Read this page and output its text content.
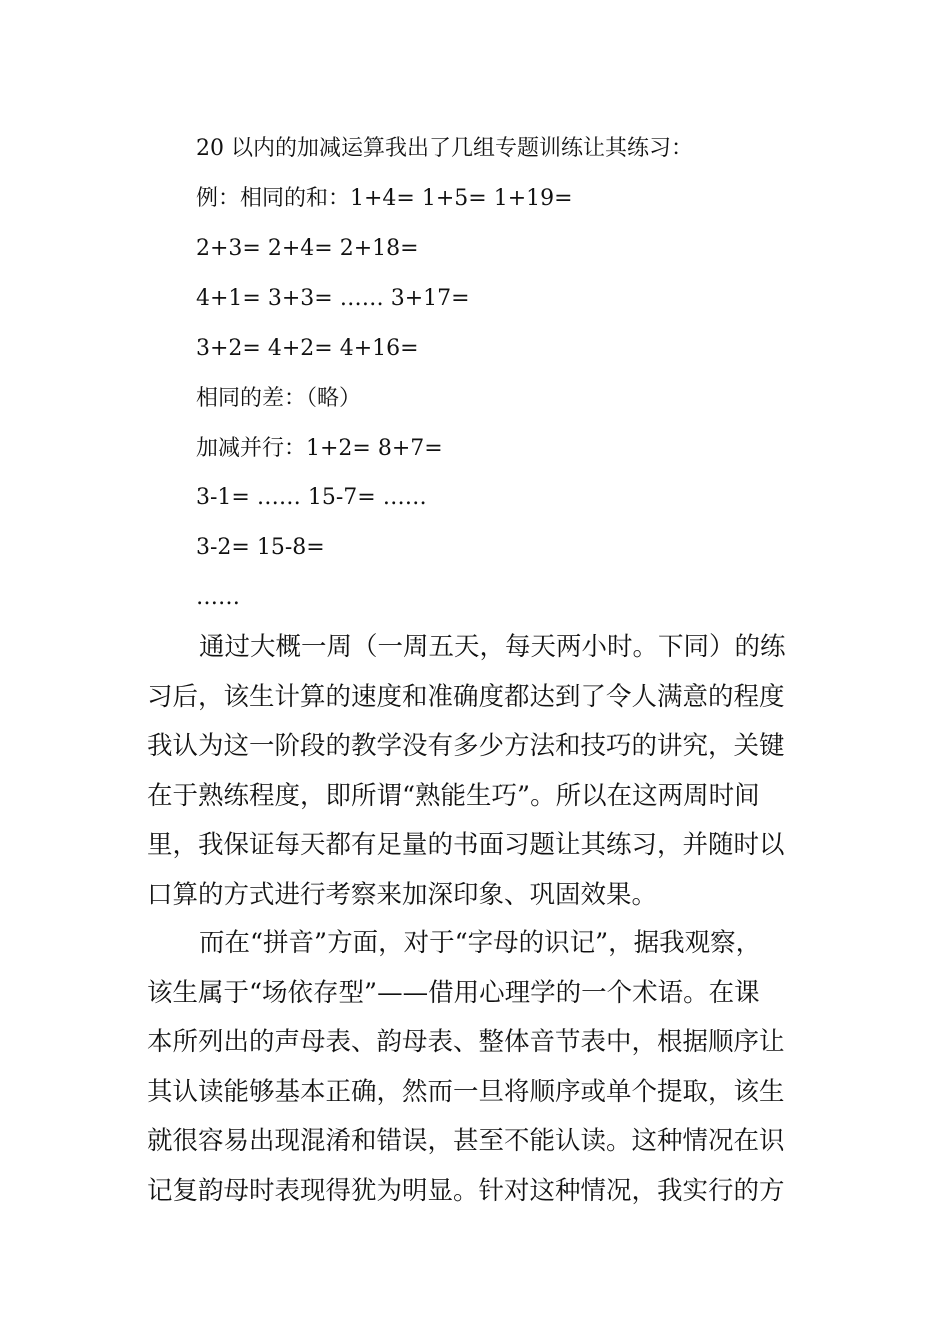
20 以内的加减运算我出了几组专题训练让其练习：
例：相同的和：1+4= 1+5= 1+19=
2+3= 2+4= 2+18=
4+1= 3+3= …… 3+17=
3+2= 4+2= 4+16=
相同的差：（略）
加减并行：1+2= 8+7=
3-1= …… 15-7= ……
3-2= 15-8=
……

通过大概一周（一周五天，每天两小时。下同）的练
习后，该生计算的速度和准确度都达到了令人满意的程度
我认为这一阶段的教学没有多少方法和技巧的讲究，关键
在于熟练程度，即所谓“熟能生巧”。所以在这两周时间
里，我保证每天都有足量的书面习题让其练习，并随时以
口算的方式进行考察来加深印象、巩固效果。

而在“拼音”方面，对于“字母的识记”，据我观察，
该生属于“场依存型”——借用心理学的一个术语。在课
本所列出的声母表、韵母表、整体音节表中，根据顺序让
其认读能够基本正确，然而一旦将顺序或单个提取，该生
就很容易出现混淆和错误，甚至不能认读。这种情况在识
记复韵母时表现得犹为明显。针对这种情况，我实行的方
